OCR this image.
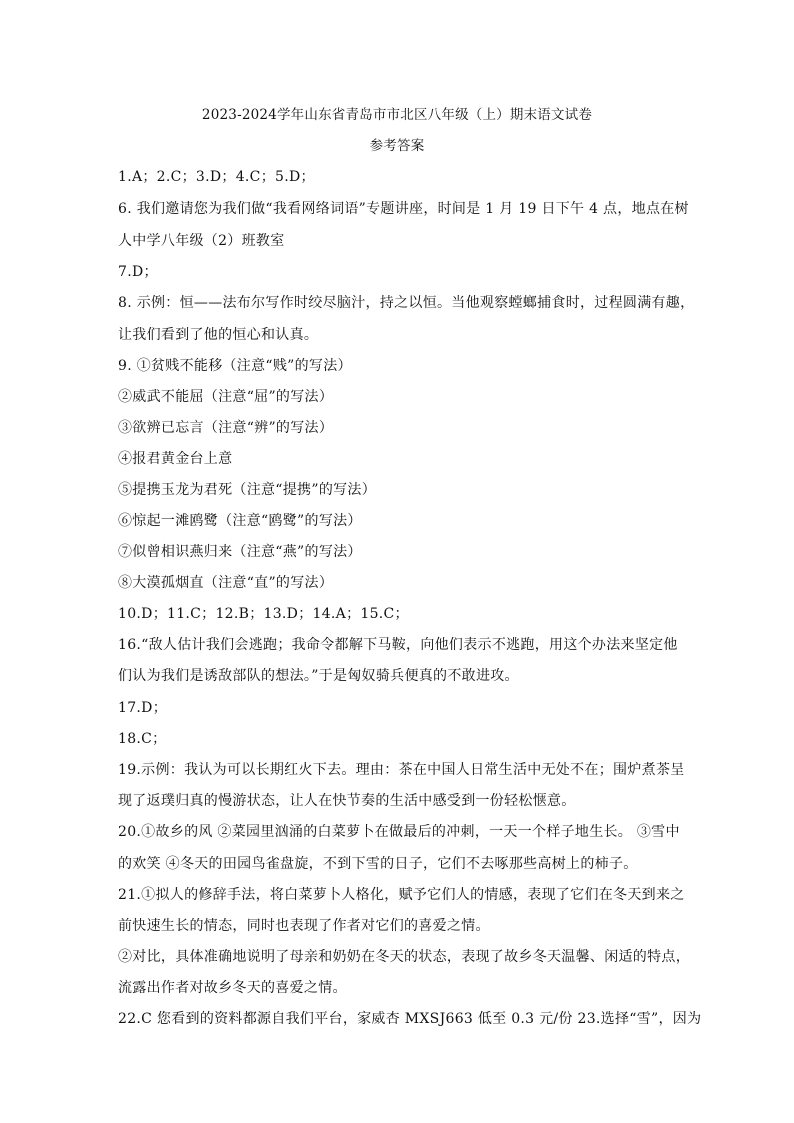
2023-2024学年山东省青岛市市北区八年级（上）期末语文试卷
参考答案
1.A；2.C；3.D；4.C；5.D；
6. 我们邀请您为我们做“我看网络词语”专题讲座，时间是 1 月 19 日下午 4 点，地点在树
人中学八年级（2）班教室
7.D；
8. 示例：恒——法布尔写作时绞尽脑汁，持之以恒。当他观察螳螂捕食时，过程圆满有趣，
让我们看到了他的恒心和认真。
9. ①贫贱不能移（注意“贱”的写法）
②威武不能屈（注意“屈”的写法）
③欲辨已忘言（注意“辨”的写法）
④报君黄金台上意
⑤提携玉龙为君死（注意“提携”的写法）
⑥惊起一滩鸥鹭（注意“鸥鹭”的写法）
⑦似曾相识燕归来（注意“燕”的写法）
⑧大漠孤烟直（注意“直”的写法）
10.D；11.C；12.B；13.D；14.A；15.C；
16.“敌人估计我们会逃跑；我命令都解下马鞍，向他们表示不逃跑，用这个办法来坚定他
们认为我们是诱敌部队的想法。”于是匈奴骑兵便真的不敢进攻。
17.D；
18.C；
19.示例：我认为可以长期红火下去。理由：茶在中国人日常生活中无处不在；围炉煮茶呈
现了返璞归真的慢游状态，让人在快节奏的生活中感受到一份轻松惬意。
20.①故乡的风 ②菜园里汹涌的白菜萝卜在做最后的冲刺，一天一个样子地生长。 ③雪中
的欢笑 ④冬天的田园鸟雀盘旋，不到下雪的日子，它们不去啄那些高树上的柿子。
21.①拟人的修辞手法，将白菜萝卜人格化，赋予它们人的情感，表现了它们在冬天到来之
前快速生长的情态，同时也表现了作者对它们的喜爱之情。
②对比，具体准确地说明了母亲和奶奶在冬天的状态，表现了故乡冬天温馨、闲适的特点，
流露出作者对故乡冬天的喜爱之情。
22.C 您看到的资料都源自我们平台，家威杏 MXSJ663 低至 0.3 元/份 23.选择“雪”，因为
